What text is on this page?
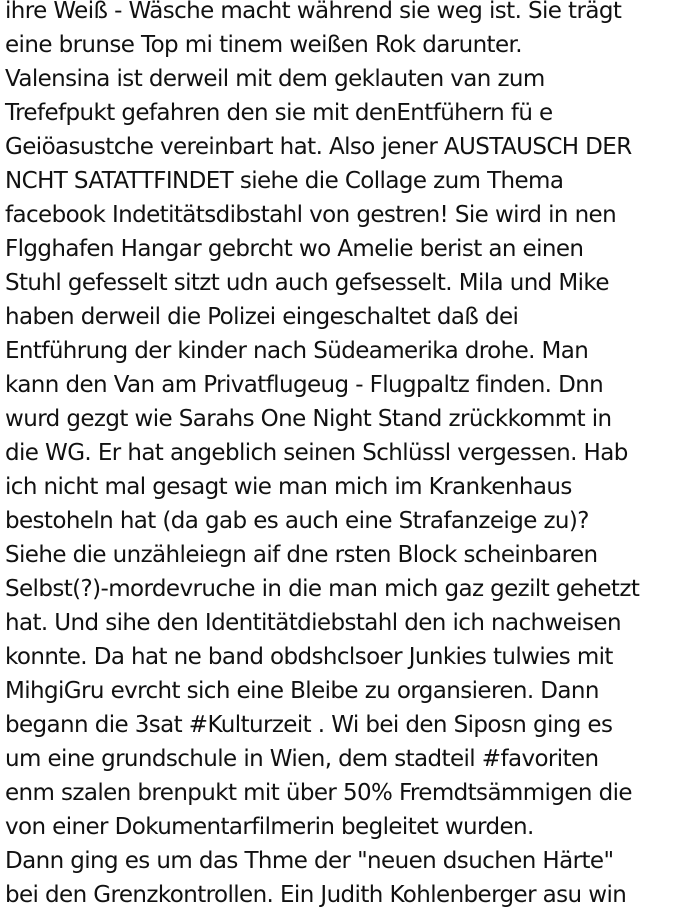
ihre Weiß - Wäsche macht während sie weg ist. Sie trägt
eine brunse Top mi tinem weißen Rok darunter.
Valensina ist derweil mit dem geklauten van zum
Trefefpukt gefahren den sie mit denEntfühern fü e
Geiöasustche vereinbart hat. Also jener AUSTAUSCH DER
NCHT SATATTFINDET siehe die Collage zum Thema
facebook Indetitätsdibstahl von gestren! Sie wird in nen
Flgghafen Hangar gebrcht wo Amelie berist an einen
Stuhl gefesselt sitzt udn auch gefsesselt. Mila und Mike
haben derweil die Polizei eingeschaltet daß dei
Entführung der kinder nach Südeamerika drohe. Man
kann den Van am Privatflugeug - Flugpaltz finden. Dnn
wurd gezgt wie Sarahs One Night Stand zrückkommt in
die WG. Er hat angeblich seinen Schlüssl vergessen. Hab
ich nicht mal gesagt wie man mich im Krankenhaus
bestoheln hat (da gab es auch eine Strafanzeige zu)?
Siehe die unzähleiegn aif dne rsten Block scheinbaren
Selbst(?)-mordevruche in die man mich gaz gezilt gehetzt
hat. Und sihe den Identitätdiebstahl den ich nachweisen
konnte. Da hat ne band obdshclsoer Junkies tulwies mit
MihgiGru evrcht sich eine Bleibe zu organsieren. Dann
begann die 3sat #Kulturzeit . Wi bei den Siposn ging es
um eine grundschule in Wien, dem stadteil #favoriten
enm szalen brenpukt mit über 50% Fremdtsämmigen die
von einer Dokumentarfilmerin begleitet wurden.
Dann ging es um das Thme der "neuen dsuchen Härte"
bei den Grenzkontrollen. Ein Judith Kohlenberger asu win
